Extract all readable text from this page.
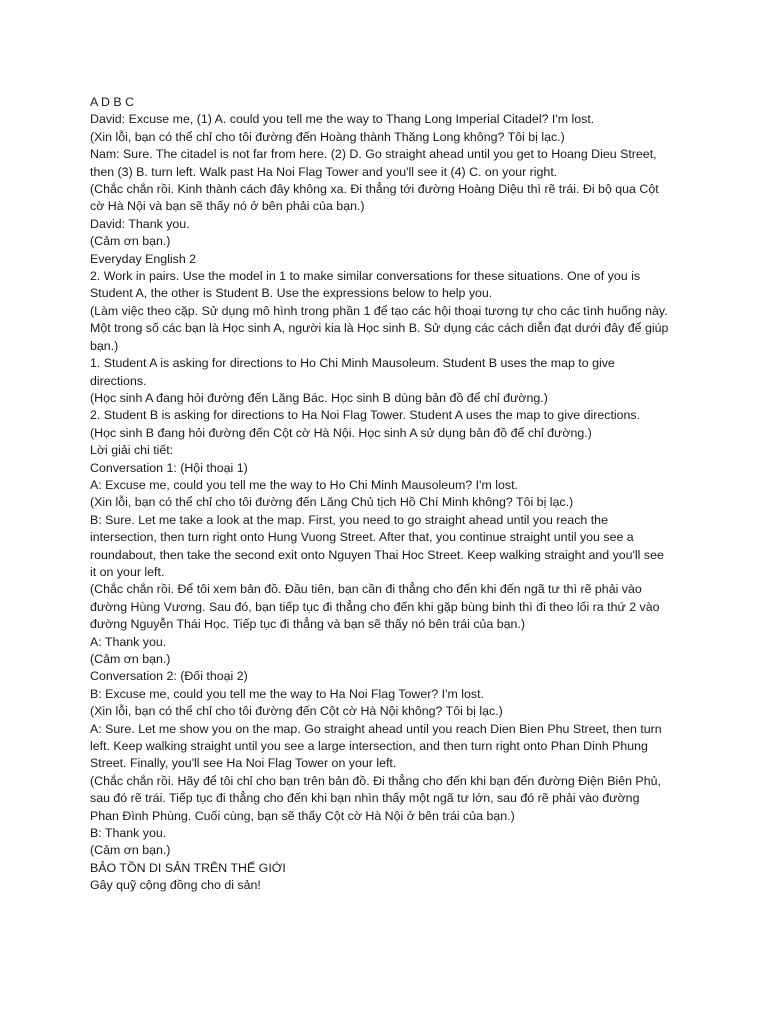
A D B C
David: Excuse me, (1) A. could you tell me the way to Thang Long Imperial Citadel? I'm lost.
(Xin lỗi, bạn có thể chỉ cho tôi đường đến Hoàng thành Thăng Long không? Tôi bị lạc.)
Nam: Sure. The citadel is not far from here. (2) D. Go straight ahead until you get to Hoang Dieu Street,
then (3) B. turn left. Walk past Ha Noi Flag Tower and you'll see it (4) C. on your right.
(Chắc chắn rồi. Kinh thành cách đây không xa. Đi thẳng tới đường Hoàng Diệu thì rẽ trái. Đi bộ qua Cột
cờ Hà Nội và bạn sẽ thấy nó ở bên phải của bạn.)
David: Thank you.
(Cảm ơn bạn.)
Everyday English 2
2. Work in pairs. Use the model in 1 to make similar conversations for these situations. One of you is
Student A, the other is Student B. Use the expressions below to help you.
(Làm việc theo cặp. Sử dụng mô hình trong phần 1 để tạo các hội thoại tương tự cho các tình huống này.
Một trong số các bạn là Học sinh A, người kia là Học sinh B. Sử dụng các cách diễn đạt dưới đây để giúp
bạn.)
1. Student A is asking for directions to Ho Chi Minh Mausoleum. Student B uses the map to give
directions.
(Học sinh A đang hỏi đường đến Lăng Bác. Học sinh B dùng bản đồ để chỉ đường.)
2. Student B is asking for directions to Ha Noi Flag Tower. Student A uses the map to give directions.
(Học sinh B đang hỏi đường đến Cột cờ Hà Nội. Học sinh A sử dụng bản đồ để chỉ đường.)
Lời giải chi tiết:
Conversation 1: (Hội thoại 1)
A: Excuse me, could you tell me the way to Ho Chi Minh Mausoleum? I'm lost.
(Xin lỗi, bạn có thể chỉ cho tôi đường đến Lăng Chủ tịch Hồ Chí Minh không? Tôi bị lạc.)
B: Sure. Let me take a look at the map. First, you need to go straight ahead until you reach the
intersection, then turn right onto Hung Vuong Street. After that, you continue straight until you see a
roundabout, then take the second exit onto Nguyen Thai Hoc Street. Keep walking straight and you'll see
it on your left.
(Chắc chắn rồi. Để tôi xem bản đồ. Đầu tiên, bạn cần đi thẳng cho đến khi đến ngã tư thì rẽ phải vào
đường Hùng Vương. Sau đó, bạn tiếp tục đi thẳng cho đến khi gặp bùng binh thì đi theo lối ra thứ 2 vào
đường Nguyễn Thái Học. Tiếp tục đi thẳng và bạn sẽ thấy nó bên trái của bạn.)
A: Thank you.
(Cảm ơn bạn.)
Conversation 2: (Đối thoại 2)
B: Excuse me, could you tell me the way to Ha Noi Flag Tower? I'm lost.
(Xin lỗi, bạn có thể chỉ cho tôi đường đến Cột cờ Hà Nội không? Tôi bị lạc.)
A: Sure. Let me show you on the map. Go straight ahead until you reach Dien Bien Phu Street, then turn
left. Keep walking straight until you see a large intersection, and then turn right onto Phan Dinh Phung
Street. Finally, you'll see Ha Noi Flag Tower on your left.
(Chắc chắn rồi. Hãy để tôi chỉ cho bạn trên bản đồ. Đi thẳng cho đến khi bạn đến đường Điện Biên Phủ,
sau đó rẽ trái. Tiếp tục đi thẳng cho đến khi bạn nhìn thấy một ngã tư lớn, sau đó rẽ phải vào đường
Phan Đình Phùng. Cuối cùng, bạn sẽ thấy Cột cờ Hà Nội ở bên trái của bạn.)
B: Thank you.
(Cảm ơn bạn.)
BẢO TỒN DI SẢN TRÊN THẾ GIỚI
Gây quỹ cộng đồng cho di sản!
